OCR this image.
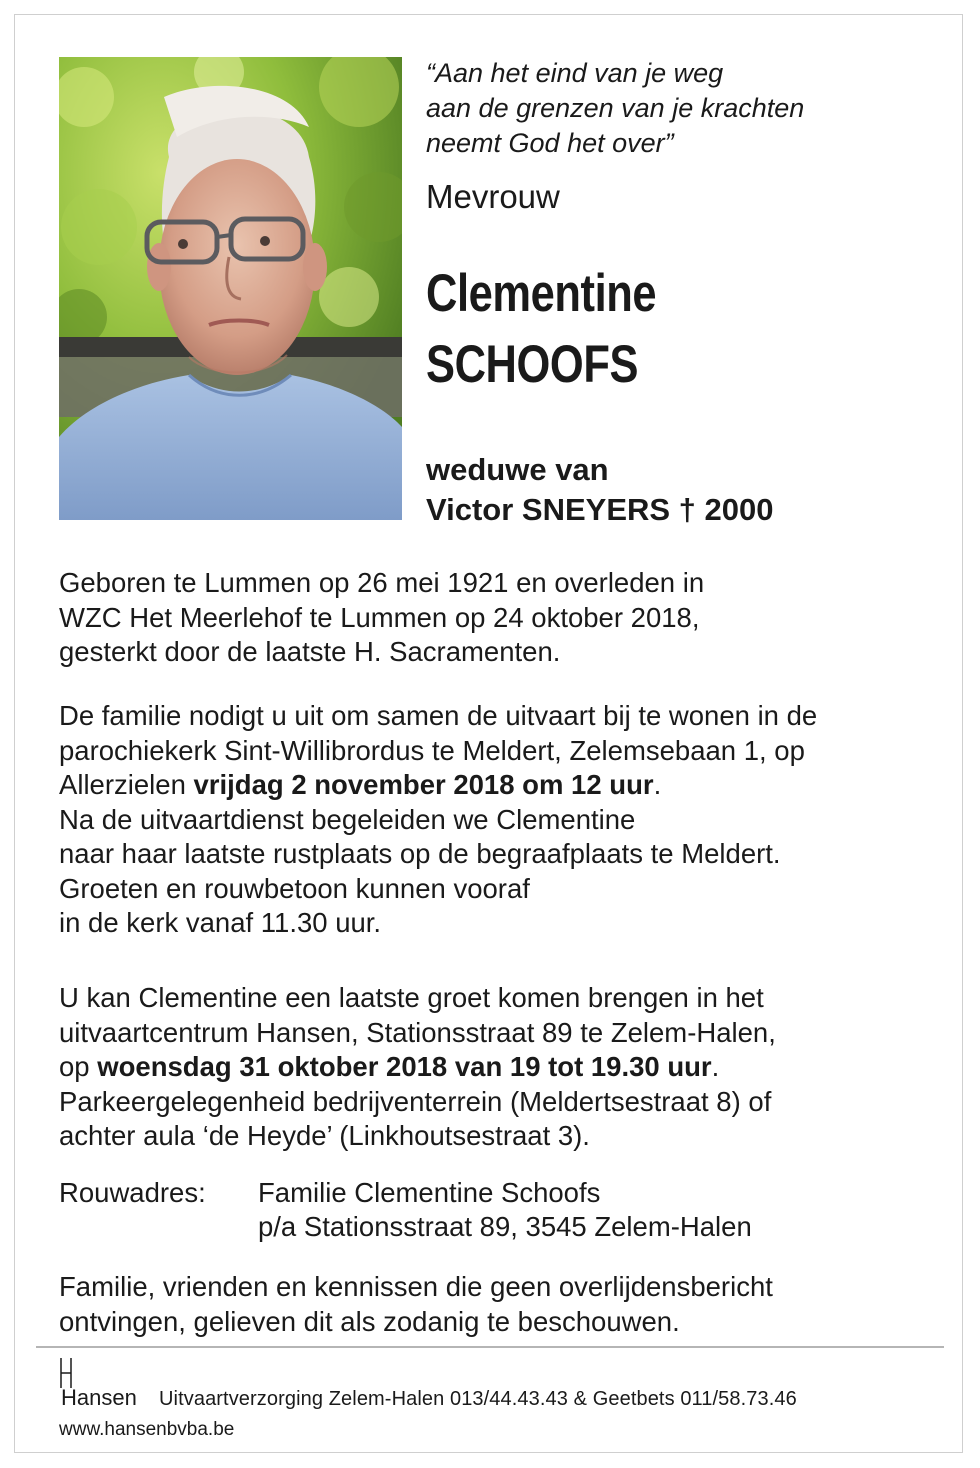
“Aan het eind van je weg
aan de grenzen van je krachten
neemt God het over”
Mevrouw
Clementine
SCHOOFS
weduwe van
Victor SNEYERS † 2000

Geboren te Lummen op 26 mei 1921 en overleden in

WZC Het Meerlehof te Lummen op 24 oktober 2018,

gesterkt door de laatste H. Sacramenten.

De familie nodigt u uit om samen de uitvaart bij te wonen in de

parochiekerk Sint-Willibrordus te Meldert, Zelemsebaan 1, op

Allerzielen vrijdag 2 november 2018 om 12 uur.

Na de uitvaartdienst begeleiden we Clementine

naar haar laatste rustplaats op de begraafplaats te Meldert.

Groeten en rouwbetoon kunnen vooraf

in de kerk vanaf 11.30 uur.

U kan Clementine een laatste groet komen brengen in het

uitvaartcentrum Hansen, Stationsstraat 89 te Zelem-Halen,

op woensdag 31 oktober 2018 van 19 tot 19.30 uur.

Parkeergelegenheid bedrijventerrein (Meldertsestraat 8) of

achter aula ‘de Heyde’ (Linkhoutsestraat 3).

Rouwadres: Familie Clementine Schoofs
p/a Stationsstraat 89, 3545 Zelem-Halen

Familie, vrienden en kennissen die geen overlijdensbericht

ontvingen, gelieven dit als zodanig te beschouwen.

Hansen Uitvaartverzorging Zelem-Halen 013/44.43.43 & Geetbets 011/58.73.46
www.hansenbvba.be
